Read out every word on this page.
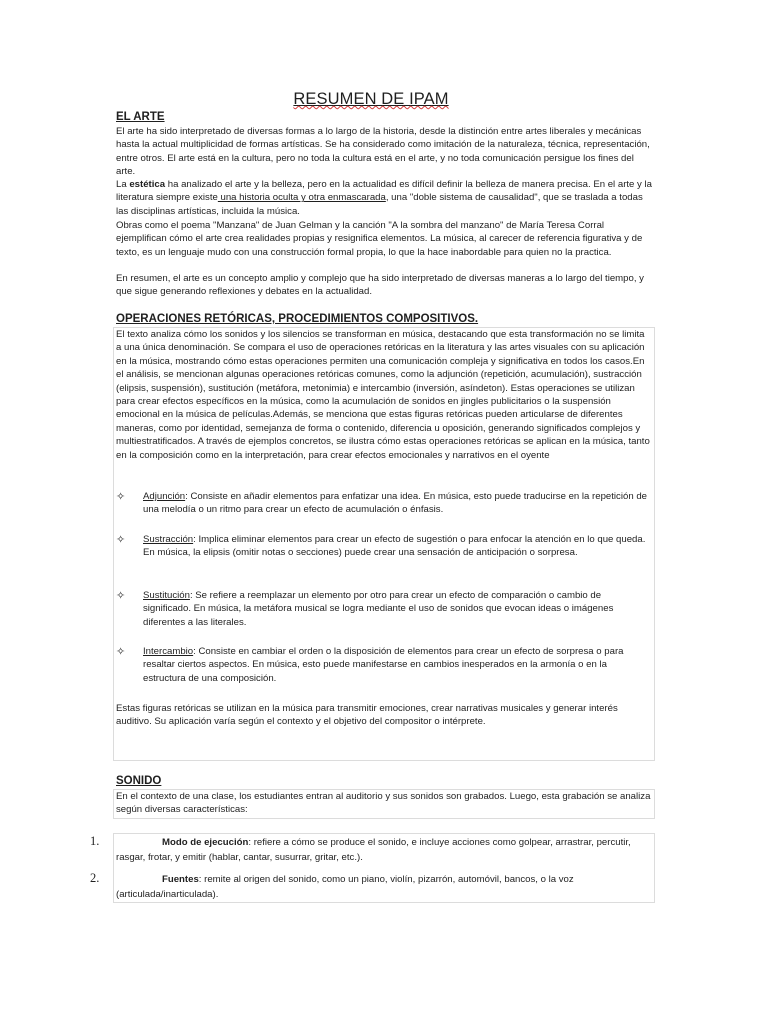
RESUMEN DE IPAM
EL ARTE

El arte ha sido interpretado de diversas formas a lo largo de la historia, desde la distinción entre artes liberales y mecánicas hasta la actual multiplicidad de formas artísticas. Se ha considerado como imitación de la naturaleza, técnica, representación, entre otros. El arte está en la cultura, pero no toda la cultura está en el arte, y no toda comunicación persigue los fines del arte.

La estética ha analizado el arte y la belleza, pero en la actualidad es difícil definir la belleza de manera precisa. En el arte y la literatura siempre existe una historia oculta y otra enmascarada, una "doble sistema de causalidad", que se traslada a todas las disciplinas artísticas, incluida la música.

Obras como el poema "Manzana" de Juan Gelman y la canción "A la sombra del manzano" de María Teresa Corral ejemplifican cómo el arte crea realidades propias y resignifica elementos. La música, al carecer de referencia figurativa y de texto, es un lenguaje mudo con una construcción formal propia, lo que la hace inabordable para quien no la practica.

En resumen, el arte es un concepto amplio y complejo que ha sido interpretado de diversas maneras a lo largo del tiempo, y que sigue generando reflexiones y debates en la actualidad.

OPERACIONES RETÓRICAS, PROCEDIMIENTOS COMPOSITIVOS.

El texto analiza cómo los sonidos y los silencios se transforman en música, destacando que esta transformación no se limita a una única denominación. Se compara el uso de operaciones retóricas en la literatura y las artes visuales con su aplicación en la música, mostrando cómo estas operaciones permiten una comunicación compleja y significativa en todos los casos.En el análisis, se mencionan algunas operaciones retóricas comunes, como la adjunción (repetición, acumulación), sustracción (elipsis, suspensión), sustitución (metáfora, metonimia) e intercambio (inversión, asíndeton). Estas operaciones se utilizan para crear efectos específicos en la música, como la acumulación de sonidos en jingles publicitarios o la suspensión emocional en la música de películas.Además, se menciona que estas figuras retóricas pueden articularse de diferentes maneras, como por identidad, semejanza de forma o contenido, diferencia u oposición, generando significados complejos y multiestratificados. A través de ejemplos concretos, se ilustra cómo estas operaciones retóricas se aplican en la música, tanto en la composición como en la interpretación, para crear efectos emocionales y narrativos en el oyente

✧ Adjunción: Consiste en añadir elementos para enfatizar una idea. En música, esto puede traducirse en la repetición de una melodía o un ritmo para crear un efecto de acumulación o énfasis.

✧ Sustracción: Implica eliminar elementos para crear un efecto de sugestión o para enfocar la atención en lo que queda. En música, la elipsis (omitir notas o secciones) puede crear una sensación de anticipación o sorpresa.

✧ Sustitución: Se refiere a reemplazar un elemento por otro para crear un efecto de comparación o cambio de significado. En música, la metáfora musical se logra mediante el uso de sonidos que evocan ideas o imágenes diferentes a las literales.

✧ Intercambio: Consiste en cambiar el orden o la disposición de elementos para crear un efecto de sorpresa o para resaltar ciertos aspectos. En música, esto puede manifestarse en cambios inesperados en la armonía o en la estructura de una composición.

Estas figuras retóricas se utilizan en la música para transmitir emociones, crear narrativas musicales y generar interés auditivo. Su aplicación varía según el contexto y el objetivo del compositor o intérprete.

SONIDO

En el contexto de una clase, los estudiantes entran al auditorio y sus sonidos son grabados. Luego, esta grabación se analiza según diversas características:

1.	Modo de ejecución: refiere a cómo se produce el sonido, e incluye acciones como golpear, arrastrar, percutir, rasgar, frotar, y emitir (hablar, cantar, susurrar, gritar, etc.).

2.	Fuentes: remite al origen del sonido, como un piano, violín, pizarrón, automóvil, bancos, o la voz (articulada/inarticulada).
